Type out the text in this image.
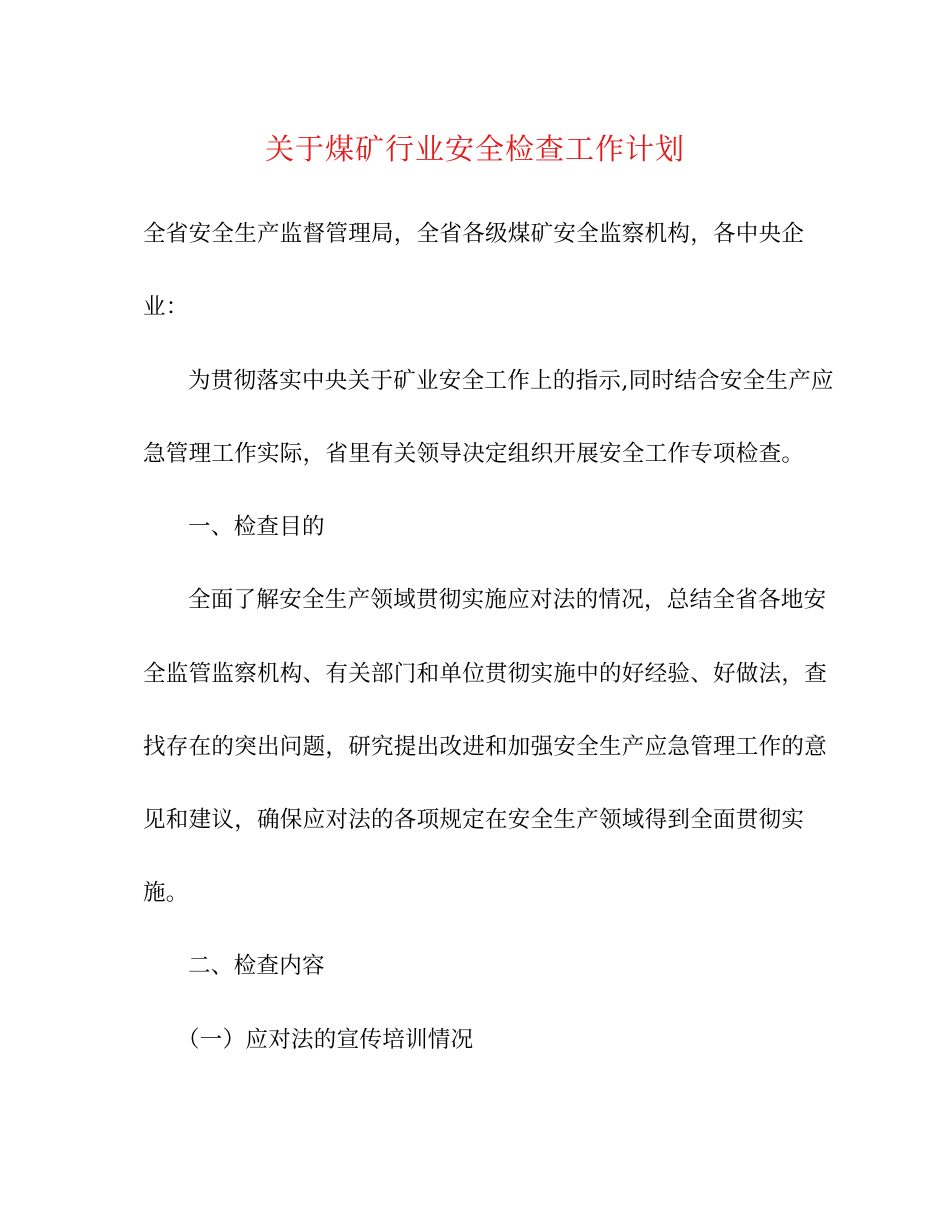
关于煤矿行业安全检查工作计划
全省安全生产监督管理局，全省各级煤矿安全监察机构，各中央企
业：
为贯彻落实中央关于矿业安全工作上的指示,同时结合安全生产应
急管理工作实际，省里有关领导决定组织开展安全工作专项检查。
一、检查目的
全面了解安全生产领域贯彻实施应对法的情况，总结全省各地安
全监管监察机构、有关部门和单位贯彻实施中的好经验、好做法，查
找存在的突出问题，研究提出改进和加强安全生产应急管理工作的意
见和建议，确保应对法的各项规定在安全生产领域得到全面贯彻实
施。
二、检查内容
（一）应对法的宣传培训情况
